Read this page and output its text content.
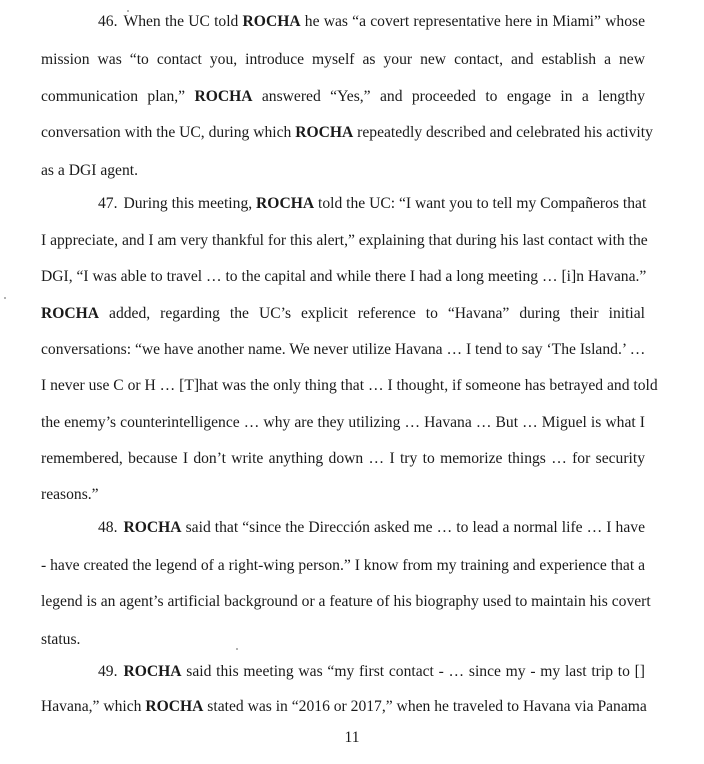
46. When the UC told ROCHA he was “a covert representative here in Miami” whose
mission was “to contact you, introduce myself as your new contact, and establish a new
communication plan,” ROCHA answered “Yes,” and proceeded to engage in a lengthy
conversation with the UC, during which ROCHA repeatedly described and celebrated his activity
as a DGI agent.
47. During this meeting, ROCHA told the UC: “I want you to tell my Compañeros that
I appreciate, and I am very thankful for this alert,” explaining that during his last contact with the
DGI, “I was able to travel … to the capital and while there I had a long meeting … [i]n Havana.”
ROCHA added, regarding the UC’s explicit reference to “Havana” during their initial
conversations: “we have another name. We never utilize Havana … I tend to say ‘The Island.’ …
I never use C or H … [T]hat was the only thing that … I thought, if someone has betrayed and told
the enemy’s counterintelligence … why are they utilizing … Havana … But … Miguel is what I
remembered, because I don’t write anything down … I try to memorize things … for security
reasons.”
48. ROCHA said that “since the Dirección asked me … to lead a normal life … I have
- have created the legend of a right-wing person.” I know from my training and experience that a
legend is an agent’s artificial background or a feature of his biography used to maintain his covert
status.
49. ROCHA said this meeting was “my first contact - … since my - my last trip to []
Havana,” which ROCHA stated was in “2016 or 2017,” when he traveled to Havana via Panama
11
